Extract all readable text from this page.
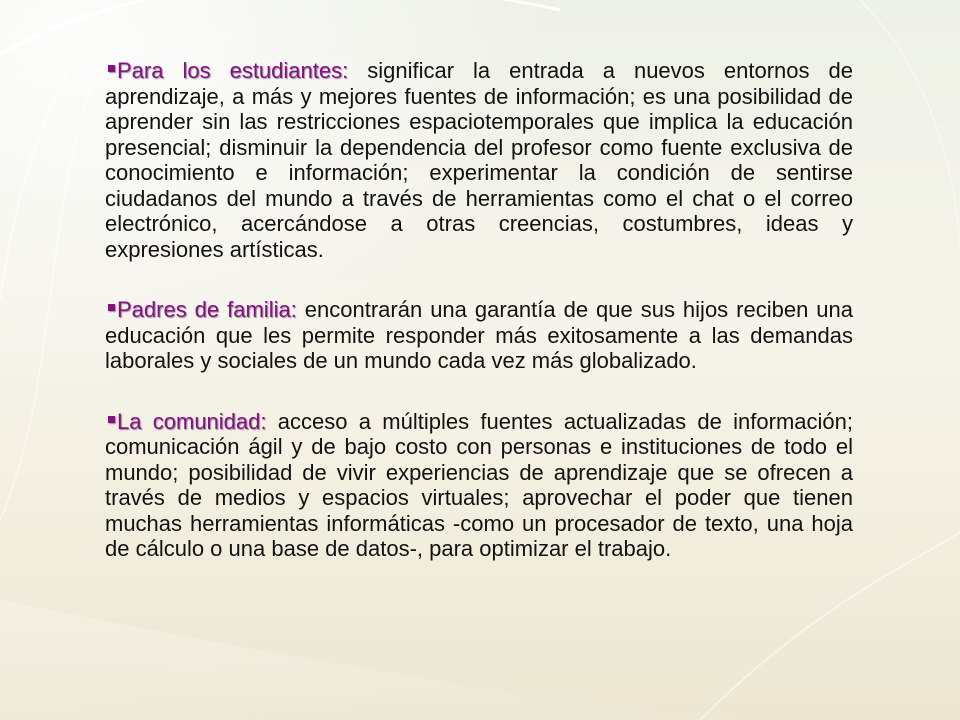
Para los estudiantes: significar la entrada a nuevos entornos de aprendizaje, a más y mejores fuentes de información; es una posibilidad de aprender sin las restricciones espaciotemporales que implica la educación presencial; disminuir la dependencia del profesor como fuente exclusiva de conocimiento e información; experimentar la condición de sentirse ciudadanos del mundo a través de herramientas como el chat o el correo electrónico, acercándose a otras creencias, costumbres, ideas y expresiones artísticas.

Padres de familia: encontrarán una garantía de que sus hijos reciben una educación que les permite responder más exitosamente a las demandas laborales y sociales de un mundo cada vez más globalizado.

La comunidad: acceso a múltiples fuentes actualizadas de información; comunicación ágil y de bajo costo con personas e instituciones de todo el mundo; posibilidad de vivir experiencias de aprendizaje que se ofrecen a través de medios y espacios virtuales; aprovechar el poder que tienen muchas herramientas informáticas -como un procesador de texto, una hoja de cálculo o una base de datos-, para optimizar el trabajo.
